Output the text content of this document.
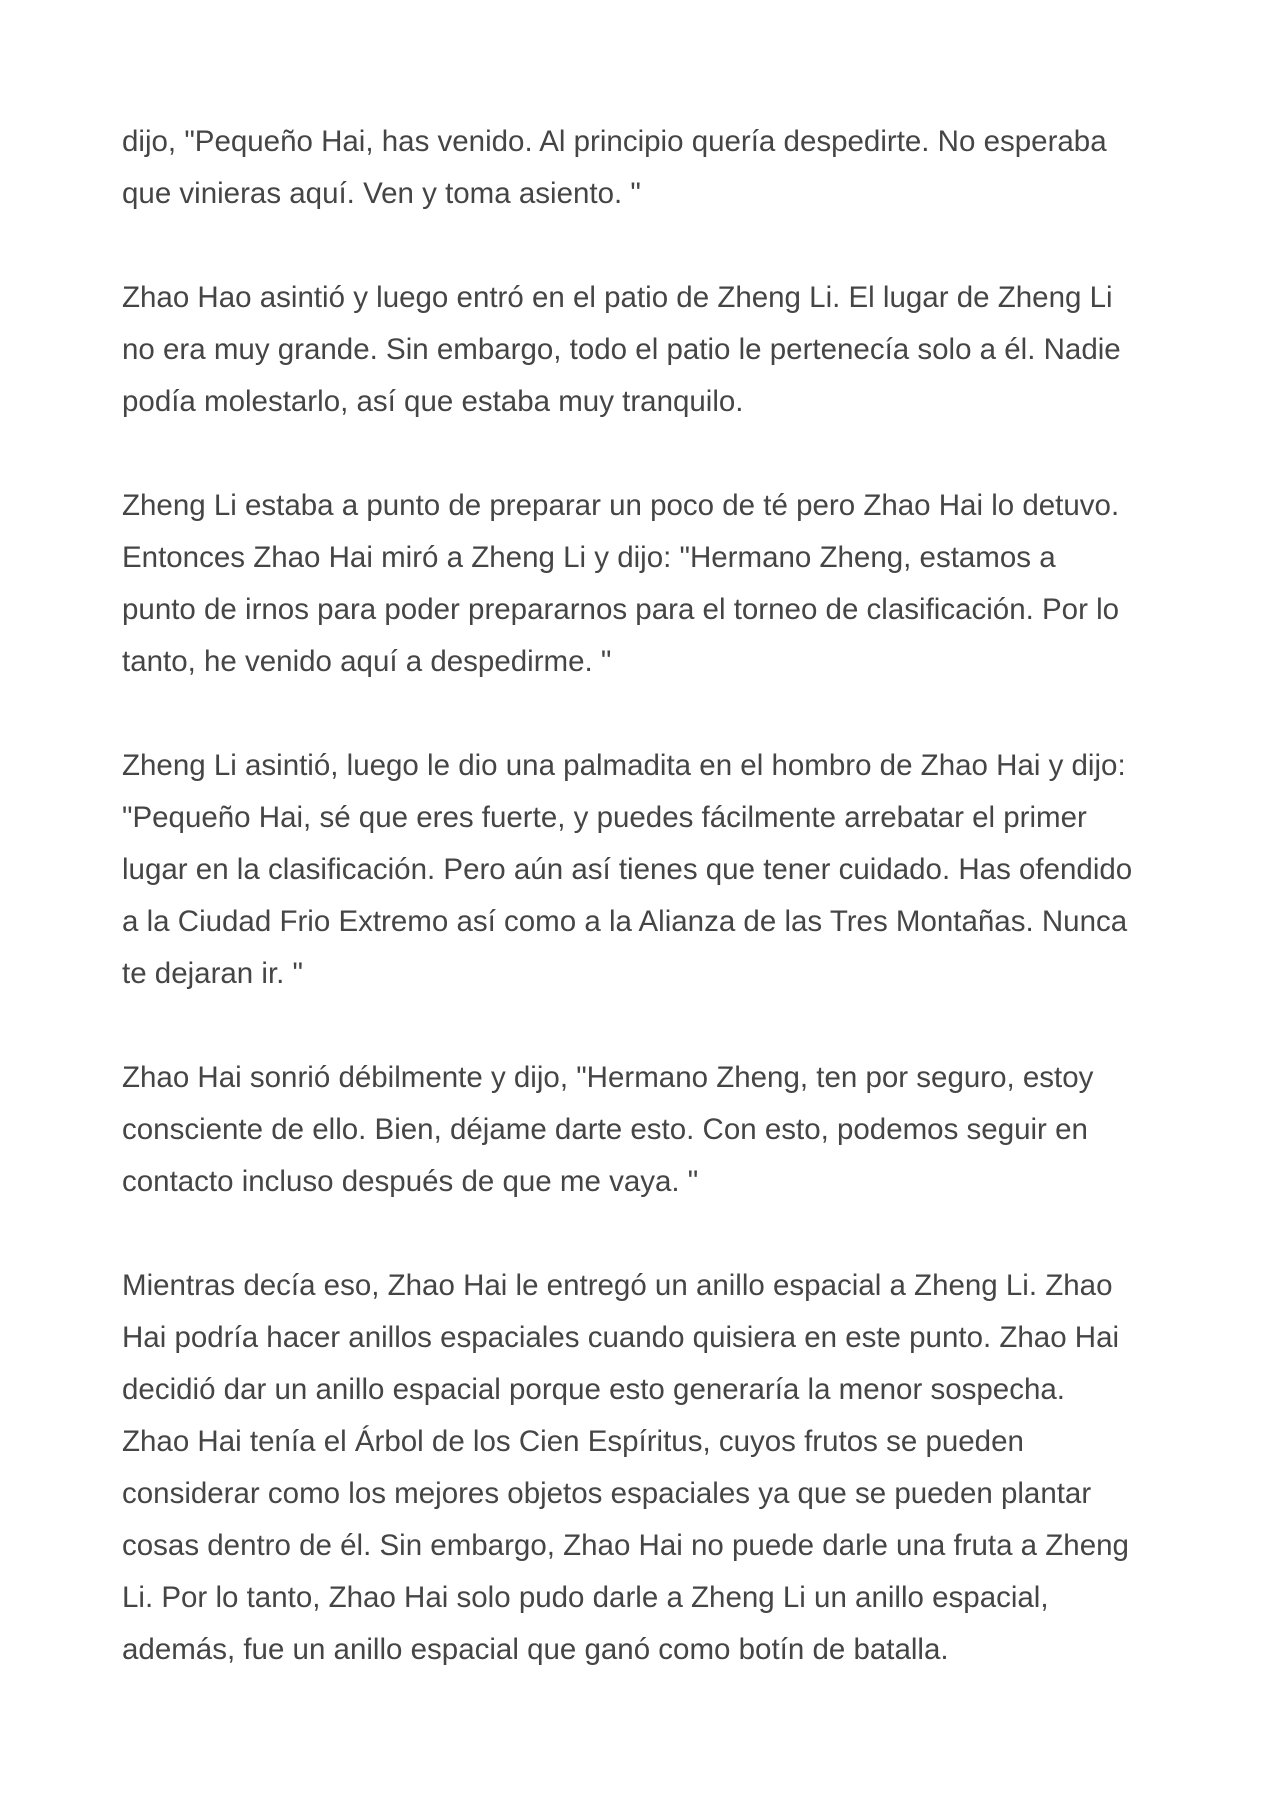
dijo, "Pequeño Hai, has venido. Al principio quería despedirte. No esperaba
que vinieras aquí. Ven y toma asiento. "

Zhao Hao asintió y luego entró en el patio de Zheng Li. El lugar de Zheng Li
no era muy grande. Sin embargo, todo el patio le pertenecía solo a él. Nadie
podía molestarlo, así que estaba muy tranquilo.

Zheng Li estaba a punto de preparar un poco de té pero Zhao Hai lo detuvo.
Entonces Zhao Hai miró a Zheng Li y dijo: "Hermano Zheng, estamos a
punto de irnos para poder prepararnos para el torneo de clasificación. Por lo
tanto, he venido aquí a despedirme. "

Zheng Li asintió, luego le dio una palmadita en el hombro de Zhao Hai y dijo:
"Pequeño Hai, sé que eres fuerte, y puedes fácilmente arrebatar el primer
lugar en la clasificación. Pero aún así tienes que tener cuidado. Has ofendido
a la Ciudad Frio Extremo así como a la Alianza de las Tres Montañas. Nunca
te dejaran ir. "

Zhao Hai sonrió débilmente y dijo, "Hermano Zheng, ten por seguro, estoy
consciente de ello. Bien, déjame darte esto. Con esto, podemos seguir en
contacto incluso después de que me vaya. "

Mientras decía eso, Zhao Hai le entregó un anillo espacial a Zheng Li. Zhao
Hai podría hacer anillos espaciales cuando quisiera en este punto. Zhao Hai
decidió dar un anillo espacial porque esto generaría la menor sospecha.
Zhao Hai tenía el Árbol de los Cien Espíritus, cuyos frutos se pueden
considerar como los mejores objetos espaciales ya que se pueden plantar
cosas dentro de él. Sin embargo, Zhao Hai no puede darle una fruta a Zheng
Li. Por lo tanto, Zhao Hai solo pudo darle a Zheng Li un anillo espacial,
además, fue un anillo espacial que ganó como botín de batalla.
